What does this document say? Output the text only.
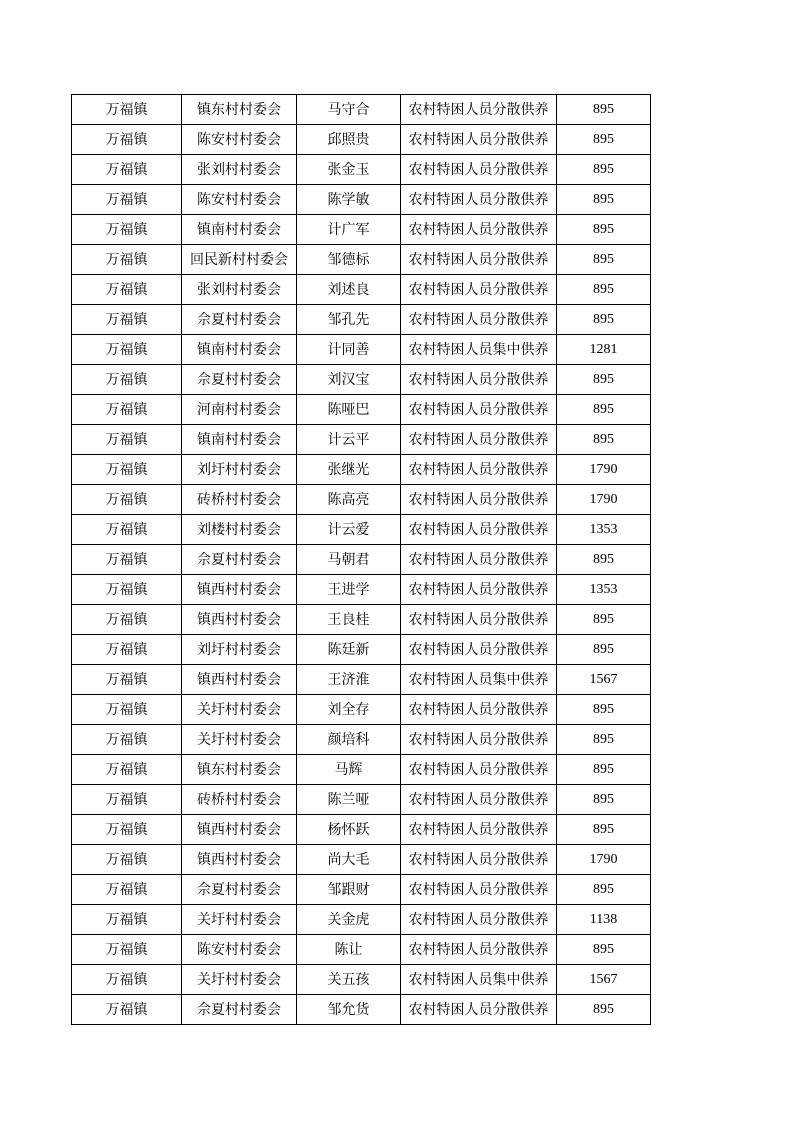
万福镇	镇东村村委会	马守合	农村特困人员分散供养	895
万福镇	陈安村村委会	邱照贵	农村特困人员分散供养	895
万福镇	张刘村村委会	张金玉	农村特困人员分散供养	895
万福镇	陈安村村委会	陈学敏	农村特困人员分散供养	895
万福镇	镇南村村委会	计广军	农村特困人员分散供养	895
万福镇	回民新村村委会	邹德标	农村特困人员分散供养	895
万福镇	张刘村村委会	刘述良	农村特困人员分散供养	895
万福镇	佘夏村村委会	邹孔先	农村特困人员分散供养	895
万福镇	镇南村村委会	计同善	农村特困人员集中供养	1281
万福镇	佘夏村村委会	刘汉宝	农村特困人员分散供养	895
万福镇	河南村村委会	陈哑巴	农村特困人员分散供养	895
万福镇	镇南村村委会	计云平	农村特困人员分散供养	895
万福镇	刘圩村村委会	张继光	农村特困人员分散供养	1790
万福镇	砖桥村村委会	陈高亮	农村特困人员分散供养	1790
万福镇	刘楼村村委会	计云爱	农村特困人员分散供养	1353
万福镇	佘夏村村委会	马朝君	农村特困人员分散供养	895
万福镇	镇西村村委会	王进学	农村特困人员分散供养	1353
万福镇	镇西村村委会	王良桂	农村特困人员分散供养	895
万福镇	刘圩村村委会	陈廷新	农村特困人员分散供养	895
万福镇	镇西村村委会	王济淮	农村特困人员集中供养	1567
万福镇	关圩村村委会	刘全存	农村特困人员分散供养	895
万福镇	关圩村村委会	颜培科	农村特困人员分散供养	895
万福镇	镇东村村委会	马辉	农村特困人员分散供养	895
万福镇	砖桥村村委会	陈兰哑	农村特困人员分散供养	895
万福镇	镇西村村委会	杨怀跃	农村特困人员分散供养	895
万福镇	镇西村村委会	尚大毛	农村特困人员分散供养	1790
万福镇	佘夏村村委会	邹跟财	农村特困人员分散供养	895
万福镇	关圩村村委会	关金虎	农村特困人员分散供养	1138
万福镇	陈安村村委会	陈让	农村特困人员分散供养	895
万福镇	关圩村村委会	关五孩	农村特困人员集中供养	1567
万福镇	佘夏村村委会	邹允货	农村特困人员分散供养	895
